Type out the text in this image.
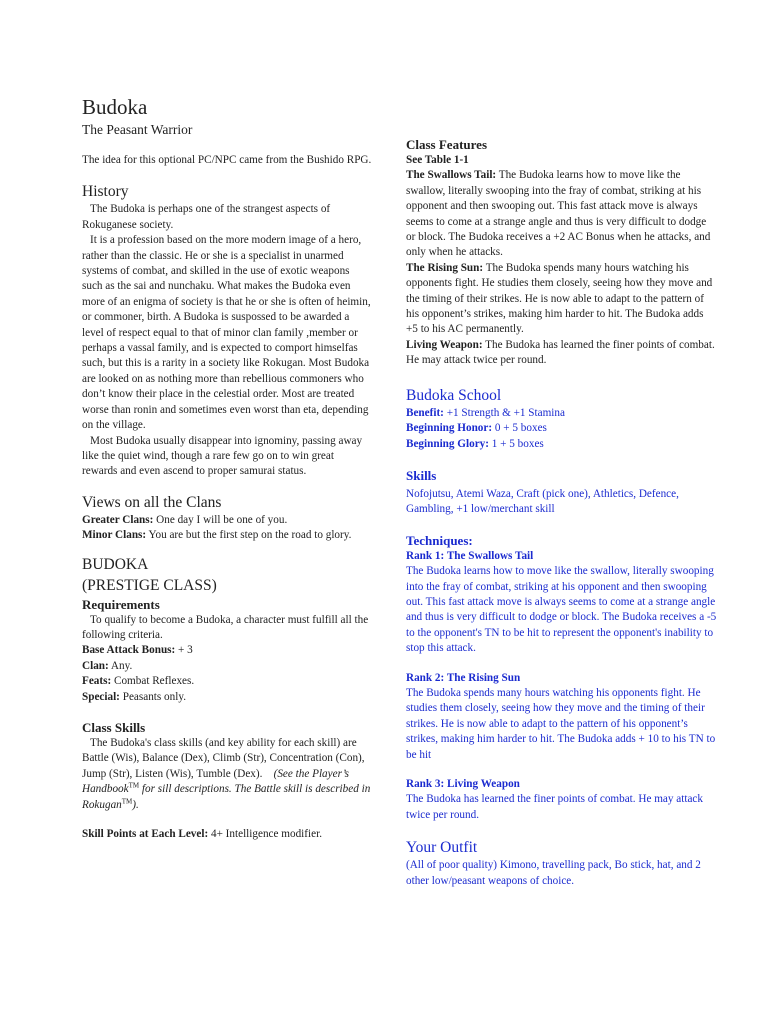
Budoka

The Peasant Warrior

The idea for this optional PC/NPC came from the Bushido RPG.

History

The Budoka is perhaps one of the strangest aspects of Rokuganese society.

It is a profession based on the more modern image of a hero, rather than the classic. He or she is a specialist in unarmed systems of combat, and skilled in the use of exotic weapons such as the sai and nunchaku. What makes the Budoka even more of an enigma of society is that he or she is often of heimin, or commoner, birth. A Budoka is suspossed to be awarded a level of respect equal to that of minor clan family ,member or perhaps a vassal family, and is expected to comport himselfas such, but this is a rarity in a society like Rokugan. Most Budoka are looked on as nothing more than rebellious commoners who don’t know their place in the celestial order. Most are treated worse than ronin and sometimes even worst than eta, depending on the village.

Most Budoka usually disappear into ignominy, passing away like the quiet wind, though a rare few go on to win great rewards and even ascend to proper samurai status.

Views on all the Clans

Greater Clans: One day I will be one of you.

Minor Clans: You are but the first step on the road to glory.

BUDOKA
(PRESTIGE CLASS)
Requirements

To qualify to become a Budoka, a character must fulfill all the following criteria.

Base Attack Bonus: + 3

Clan: Any.

Feats: Combat Reflexes.

Special: Peasants only.

Class Skills

The Budoka's class skills (and key ability for each skill) are Battle (Wis), Balance (Dex), Climb (Str), Concentration (Con), Jump (Str), Listen (Wis), Tumble (Dex). (See the Player’s Handbook™ for sill descriptions. The Battle skill is described in Rokugan™).

Skill Points at Each Level: 4+ Intelligence modifier.

Class Features

See Table 1-1

The Swallows Tail: The Budoka learns how to move like the swallow, literally swooping into the fray of combat, striking at his opponent and then swooping out. This fast attack move is always seems to come at a strange angle and thus is very difficult to dodge or block. The Budoka receives a +2 AC Bonus when he attacks, and only when he attacks.

The Rising Sun: The Budoka spends many hours watching his opponents fight. He studies them closely, seeing how they move and the timing of their strikes. He is now able to adapt to the pattern of his opponent’s strikes, making him harder to hit. The Budoka adds +5 to his AC permanently.

Living Weapon: The Budoka has learned the finer points of combat. He may attack twice per round.

Budoka School

Benefit: +1 Strength & +1 Stamina

Beginning Honor: 0 + 5 boxes

Beginning Glory: 1 + 5 boxes

Skills

Nofojutsu, Atemi Waza, Craft (pick one), Athletics, Defence, Gambling, +1 low/merchant skill

Techniques:

Rank 1: The Swallows Tail

The Budoka learns how to move like the swallow, literally swooping into the fray of combat, striking at his opponent and then swooping out. This fast attack move is always seems to come at a strange angle and thus is very difficult to dodge or block. The Budoka receives a -5 to the opponent's TN to be hit to represent the opponent's inability to stop this attack.

Rank 2: The Rising Sun

The Budoka spends many hours watching his opponents fight. He studies them closely, seeing how they move and the timing of their strikes. He is now able to adapt to the pattern of his opponent’s strikes, making him harder to hit. The Budoka adds + 10 to his TN to be hit

Rank 3: Living Weapon

The Budoka has learned the finer points of combat. He may attack twice per round.

Your Outfit

(All of poor quality) Kimono, travelling pack, Bo stick, hat, and 2 other low/peasant weapons of choice.
